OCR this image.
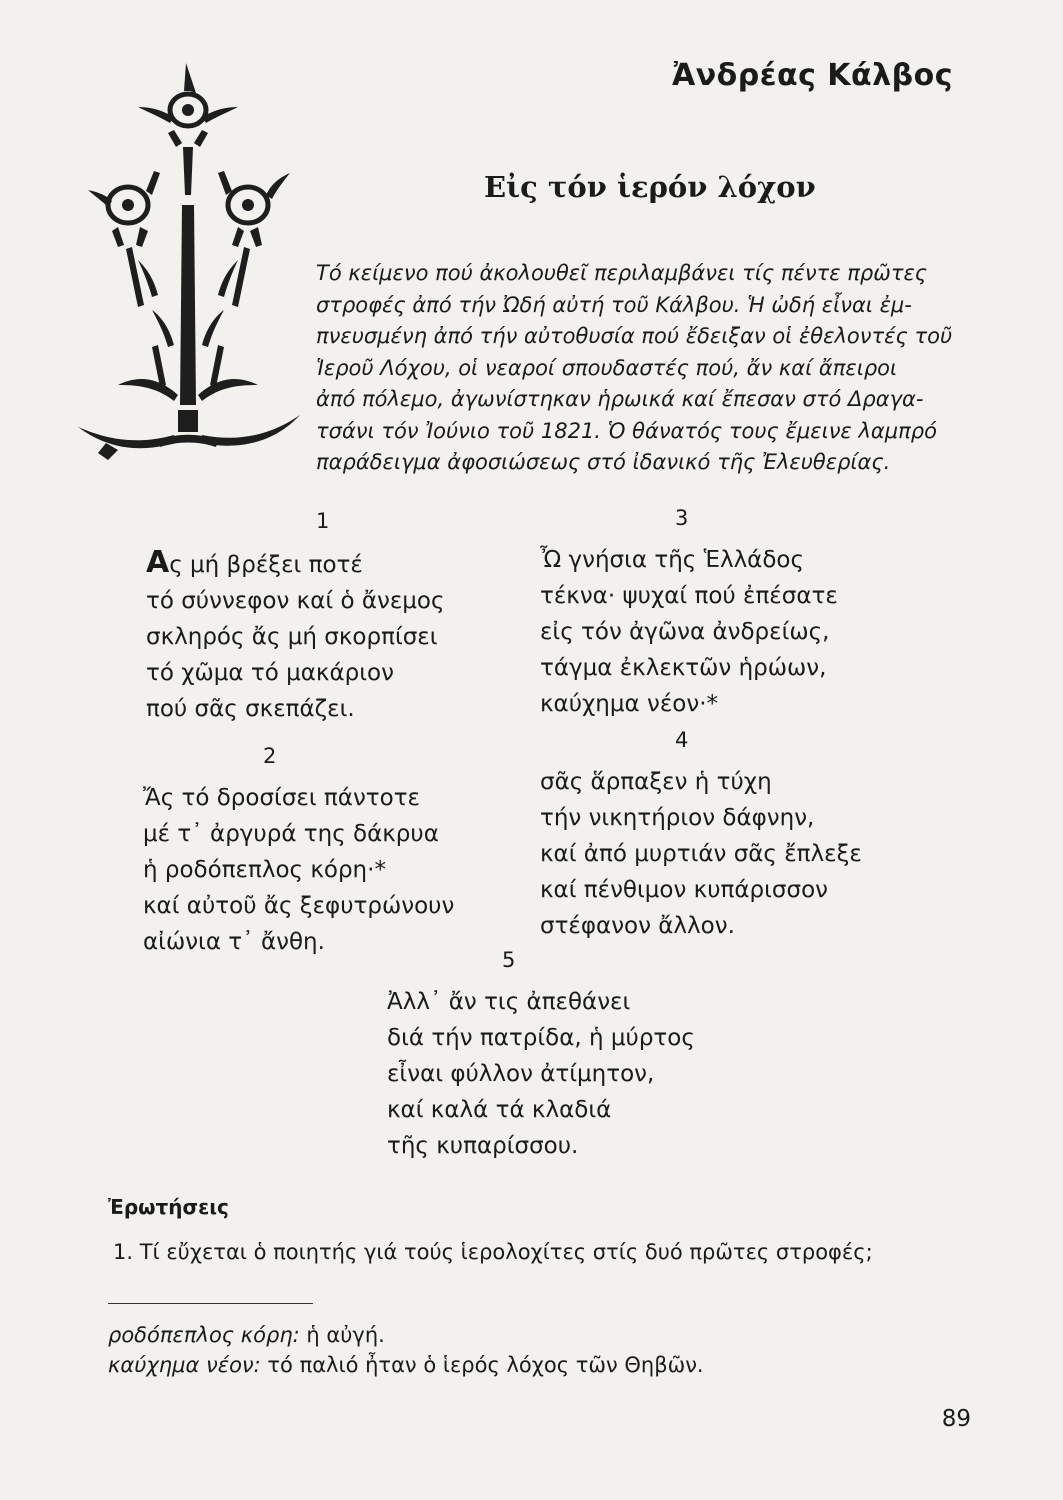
Ἀνδρέας Κάλβος
Εἰς τόν ἱερόν λόχον
Τό κείμενο πού ἀκολουθεῖ περιλαμβάνει τίς πέντε πρῶτες
στροφές ἀπό τήν Ὠδή αὐτή τοῦ Κάλβου. Ἡ ὠδή εἶναι ἐμ-
πνευσμένη ἀπό τήν αὐτοθυσία πού ἔδειξαν οἱ ἐθελοντές τοῦ
Ἱεροῦ Λόχου, οἱ νεαροί σπουδαστές πού, ἄν καί ἄπειροι
ἀπό πόλεμο, ἀγωνίστηκαν ἡρωικά καί ἔπεσαν στό Δραγα-
τσάνι τόν Ἰούνιο τοῦ 1821. Ὁ θάνατός τους ἔμεινε λαμπρό
παράδειγμα ἀφοσιώσεως στό ἰδανικό τῆς Ἐλευθερίας.
1
Ας μή βρέξει ποτέ
τό σύννεφον καί ὁ ἄνεμος
σκληρός ἄς μή σκορπίσει
τό χῶμα τό μακάριον
πού σᾶς σκεπάζει.
2
Ἄς τό δροσίσει πάντοτε
μέ τ᾽ ἀργυρά της δάκρυα
ἡ ροδόπεπλος κόρη·*
καί αὐτοῦ ἄς ξεφυτρώνουν
αἰώνια τ᾽ ἄνθη.
3
Ὦ γνήσια τῆς Ἑλλάδος
τέκνα· ψυχαί πού ἐπέσατε
εἰς τόν ἀγῶνα ἀνδρείως,
τάγμα ἐκλεκτῶν ἡρώων,
καύχημα νέον·*
4
σᾶς ἅρπαξεν ἡ τύχη
τήν νικητήριον δάφνην,
καί ἀπό μυρτιάν σᾶς ἔπλεξε
καί πένθιμον κυπάρισσον
στέφανον ἄλλον.
5
Ἀλλ᾽ ἄν τις ἀπεθάνει
διά τήν πατρίδα, ἡ μύρτος
εἶναι φύλλον ἀτίμητον,
καί καλά τά κλαδιά
τῆς κυπαρίσσου.
Ἐρωτήσεις
1. Τί εὔχεται ὁ ποιητής γιά τούς ἱερολοχίτες στίς δυό πρῶτες στροφές;
ροδόπεπλος κόρη: ἡ αὐγή.
καύχημα νέον: τό παλιό ἦταν ὁ ἱερός λόχος τῶν Θηβῶν.
89
